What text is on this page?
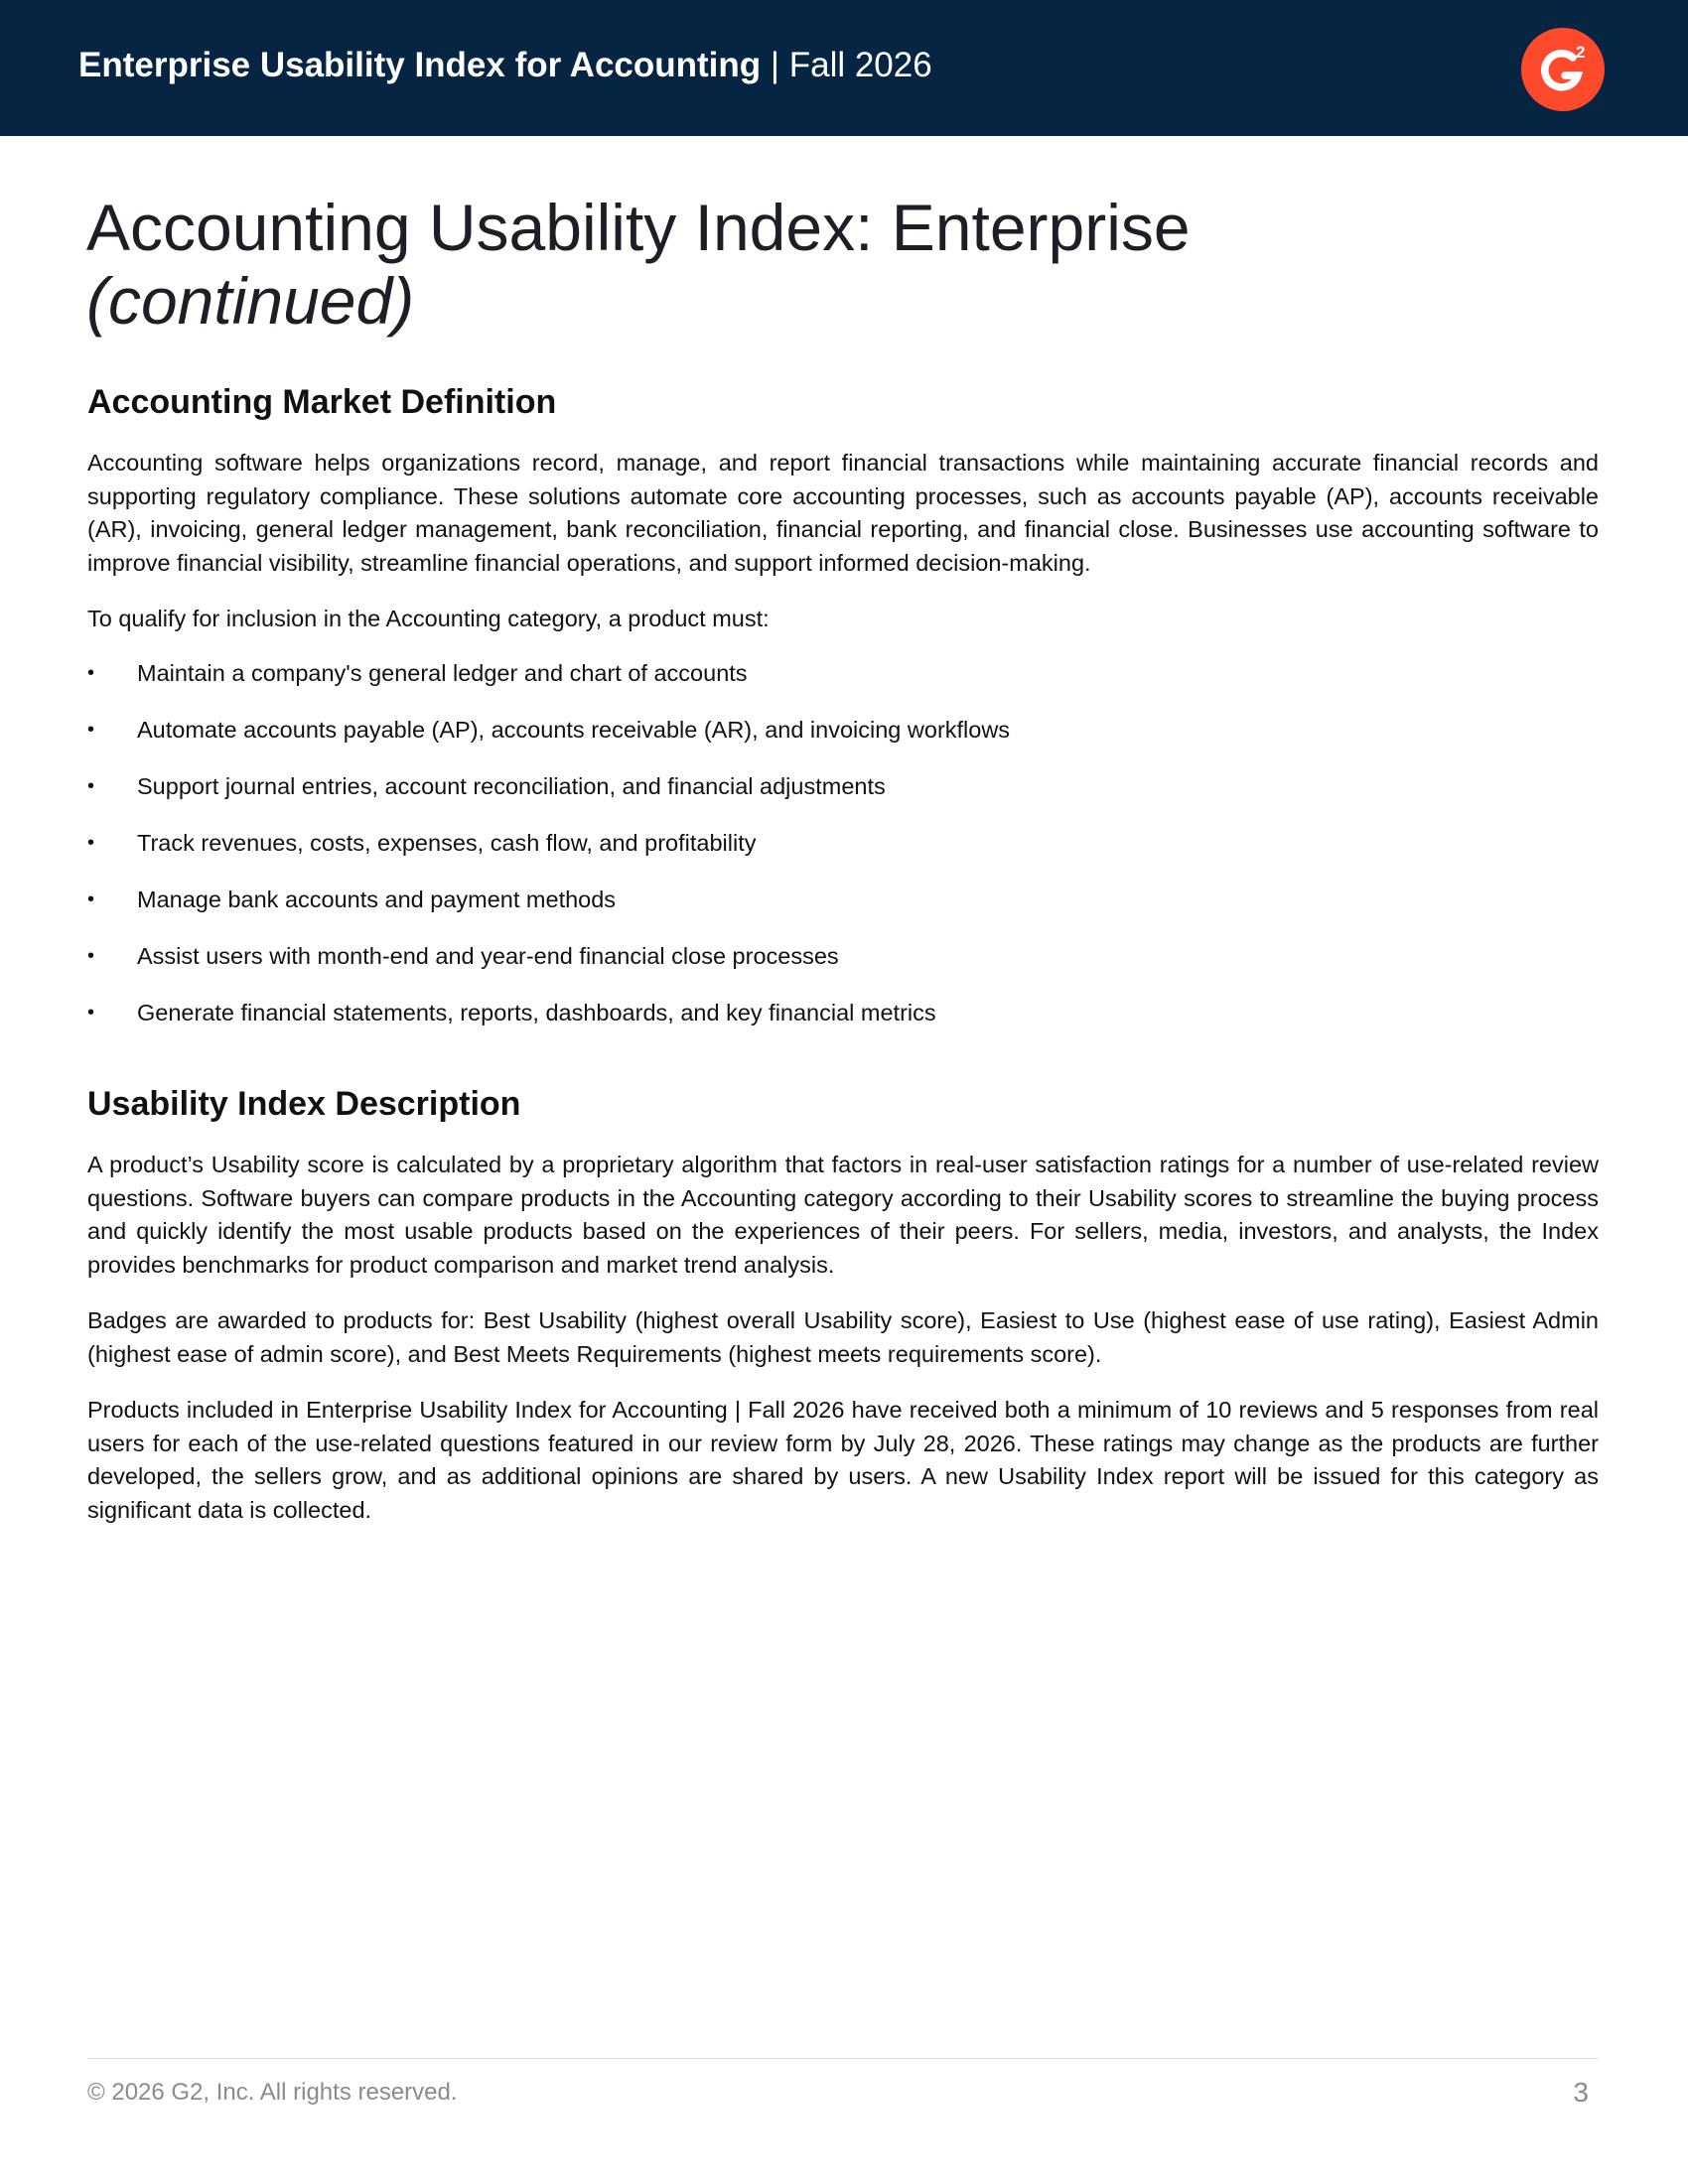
Enterprise Usability Index for Accounting | Fall 2026	2
Accounting Usability Index: Enterprise
(continued)
Accounting Market Definition

Accounting software helps organizations record, manage, and report financial transactions while maintaining accurate financial records and supporting regulatory compliance. These solutions automate core accounting processes, such as accounts payable (AP), accounts receivable (AR), invoicing, general ledger management, bank reconciliation, financial reporting, and financial close. Businesses use accounting software to improve financial visibility, streamline financial operations, and support informed decision-making.

To qualify for inclusion in the Accounting category, a product must:

• Maintain a company's general ledger and chart of accounts
• Automate accounts payable (AP), accounts receivable (AR), and invoicing workflows
• Support journal entries, account reconciliation, and financial adjustments
• Track revenues, costs, expenses, cash flow, and profitability
• Manage bank accounts and payment methods
• Assist users with month-end and year-end financial close processes
• Generate financial statements, reports, dashboards, and key financial metrics
Usability Index Description

A product’s Usability score is calculated by a proprietary algorithm that factors in real-user satisfaction ratings for a number of use-related review questions. Software buyers can compare products in the Accounting category according to their Usability scores to streamline the buying process and quickly identify the most usable products based on the experiences of their peers. For sellers, media, investors, and analysts, the Index provides benchmarks for product comparison and market trend analysis.

Badges are awarded to products for: Best Usability (highest overall Usability score), Easiest to Use (highest ease of use rating), Easiest Admin (highest ease of admin score), and Best Meets Requirements (highest meets requirements score).

Products included in Enterprise Usability Index for Accounting | Fall 2026 have received both a minimum of 10 reviews and 5 responses from real users for each of the use-related questions featured in our review form by July 28, 2026. These ratings may change as the products are further developed, the sellers grow, and as additional opinions are shared by users. A new Usability Index report will be issued for this category as significant data is collected.

© 2026 G2, Inc. All rights reserved.	3
